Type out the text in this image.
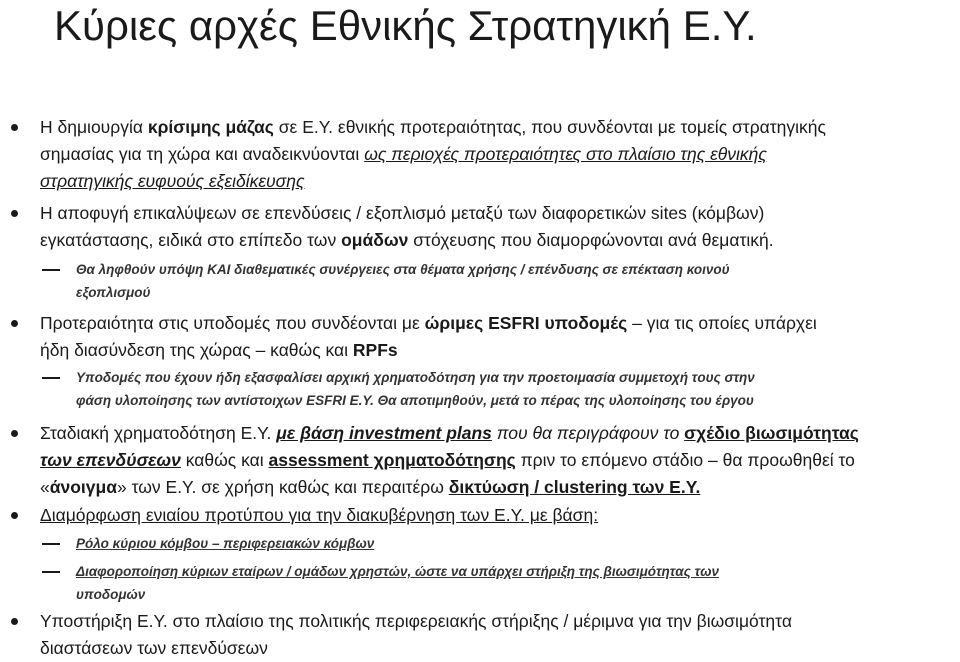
Κύριες αρχές Εθνικής Στρατηγική Ε.Υ.
Η δημιουργία κρίσιμης μάζας σε Ε.Υ. εθνικής προτεραιότητας, που συνδέονται με τομείς στρατηγικής
σημασίας για τη χώρα και αναδεικνύονται ως περιοχές προτεραιότητες στο πλαίσιο της εθνικής
στρατηγικής ευφυούς εξειδίκευσης
Η αποφυγή επικαλύψεων σε επενδύσεις / εξοπλισμό μεταξύ των διαφορετικών sites (κόμβων)
εγκατάστασης, ειδικά στο επίπεδο των ομάδων στόχευσης που διαμορφώνονται ανά θεματική.
Θα ληφθούν υπόψη ΚΑΙ διαθεματικές συνέργειες στα θέματα χρήσης / επένδυσης σε επέκταση κοινού
εξοπλισμού
Προτεραιότητα στις υποδομές που συνδέονται με ώριμες ESFRI υποδομές – για τις οποίες υπάρχει
ήδη διασύνδεση της χώρας – καθώς και RPFs
Υποδομές που έχουν ήδη εξασφαλίσει αρχική χρηματοδότηση για την προετοιμασία συμμετοχή τους στην
φάση υλοποίησης των αντίστοιχων ESFRI E.Y. Θα αποτιμηθούν, μετά το πέρας της υλοποίησης του έργου
Σταδιακή χρηματοδότηση Ε.Υ. με βάση investment plans που θα περιγράφουν το σχέδιο βιωσιμότητας
των επενδύσεων καθώς και assessment χρηματοδότησης πριν το επόμενο στάδιο – θα προωθηθεί το
«άνοιγμα» των Ε.Υ. σε χρήση καθώς και περαιτέρω δικτύωση / clustering των Ε.Υ.
Διαμόρφωση ενιαίου προτύπου για την διακυβέρνηση των Ε.Υ. με βάση:
Ρόλο κύριου κόμβου – περιφερειακών κόμβων
Διαφοροποίηση κύριων εταίρων / ομάδων χρηστών, ώστε να υπάρχει στήριξη της βιωσιμότητας των
υποδομών
Υποστήριξη Ε.Υ. στο πλαίσιο της πολιτικής περιφερειακής στήριξης / μέριμνα για την βιωσιμότητα
διαστάσεων των επενδύσεων
